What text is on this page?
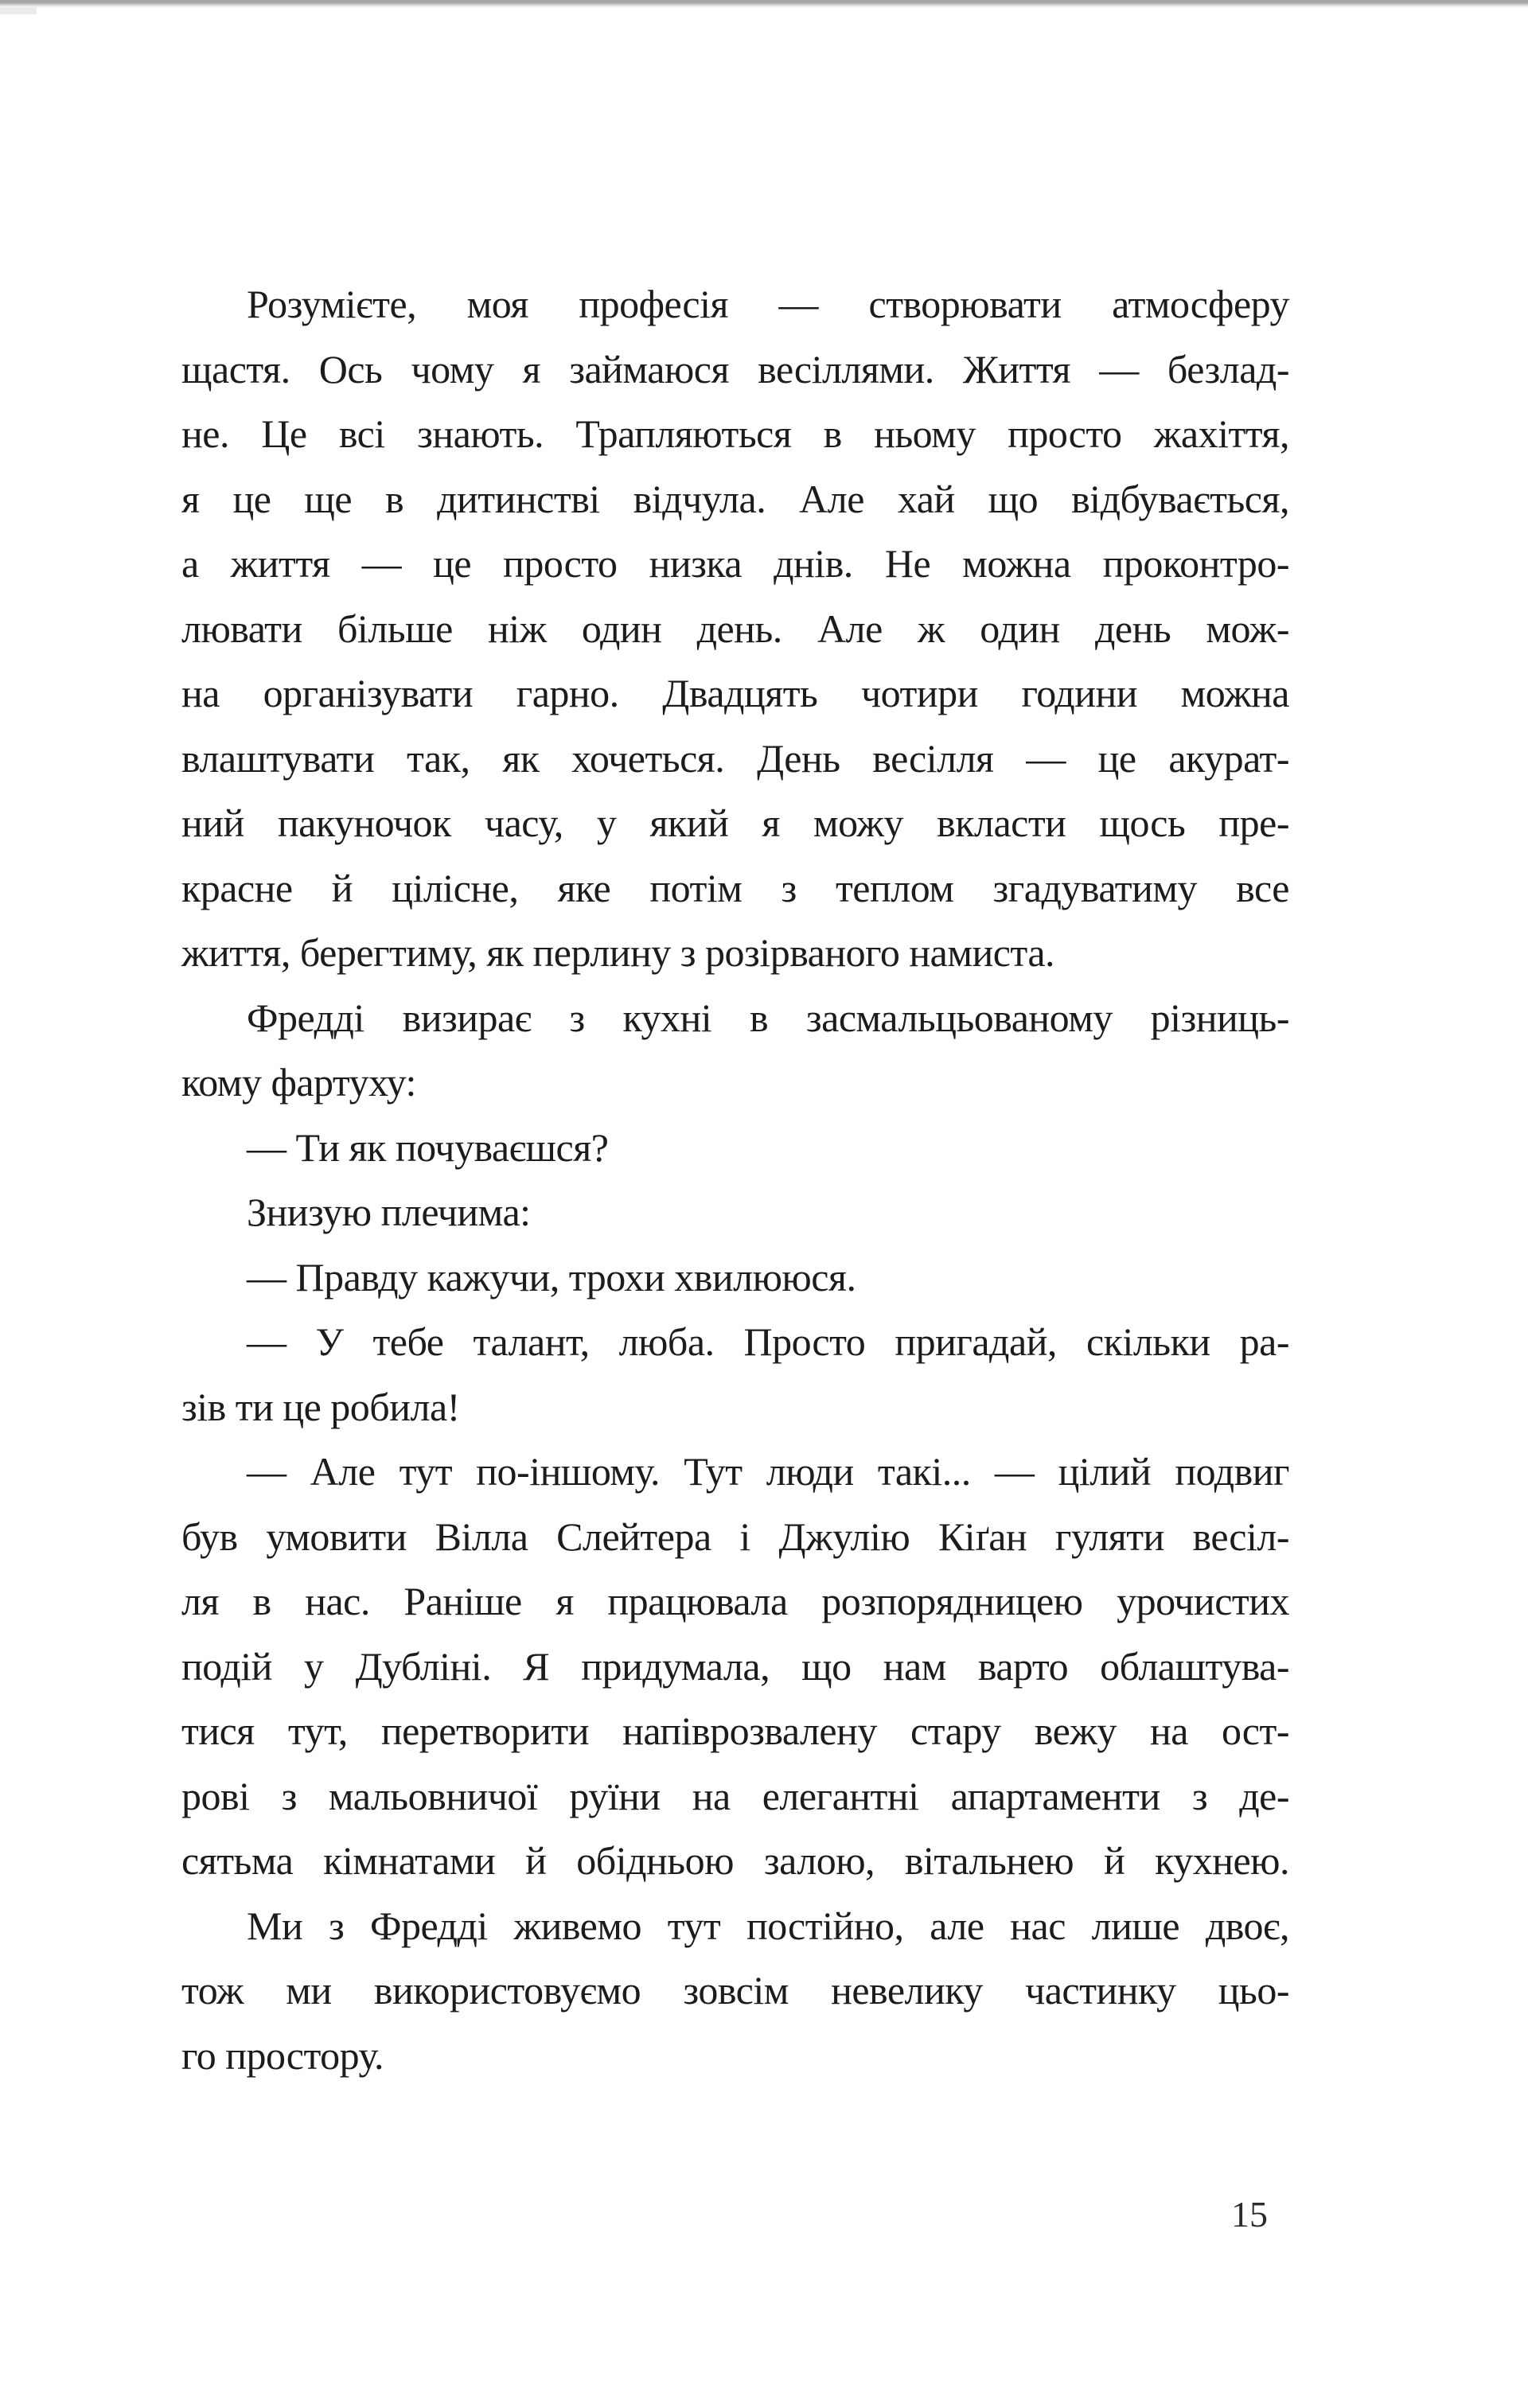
Розумієте, моя професія — створювати атмосферу

щастя. Ось чому я займаюся весіллями. Життя — безлад-

не. Це всі знають. Трапляються в ньому просто жахіття,

я це ще в дитинстві відчула. Але хай що відбувається,

а життя — це просто низка днів. Не можна проконтро-

лювати більше ніж один день. Але ж один день мож-

на організувати гарно. Двадцять чотири години можна

влаштувати так, як хочеться. День весілля — це акурат-

ний пакуночок часу, у який я можу вкласти щось пре-

красне й цілісне, яке потім з теплом згадуватиму все

життя, берегтиму, як перлину з розірваного намиста.

Фредді визирає з кухні в засмальцьованому різниць-

кому фартуху:

— Ти як почуваєшся?

Знизую плечима:

— Правду кажучи, трохи хвилююся.

— У тебе талант, люба. Просто пригадай, скільки ра-

зів ти це робила!

— Але тут по-іншому. Тут люди такі... — цілий подвиг

був умовити Вілла Слейтера і Джулію Кіґан гуляти весіл-

ля в нас. Раніше я працювала розпорядницею урочистих

подій у Дубліні. Я придумала, що нам варто облаштува-

тися тут, перетворити напіврозвалену стару вежу на ост-

рові з мальовничої руїни на елегантні апартаменти з де-

сятьма кімнатами й обідньою залою, вітальнею й кухнею.

Ми з Фредді живемо тут постійно, але нас лише двоє,

тож ми використовуємо зовсім невелику частинку цьо-

го простору.

15
